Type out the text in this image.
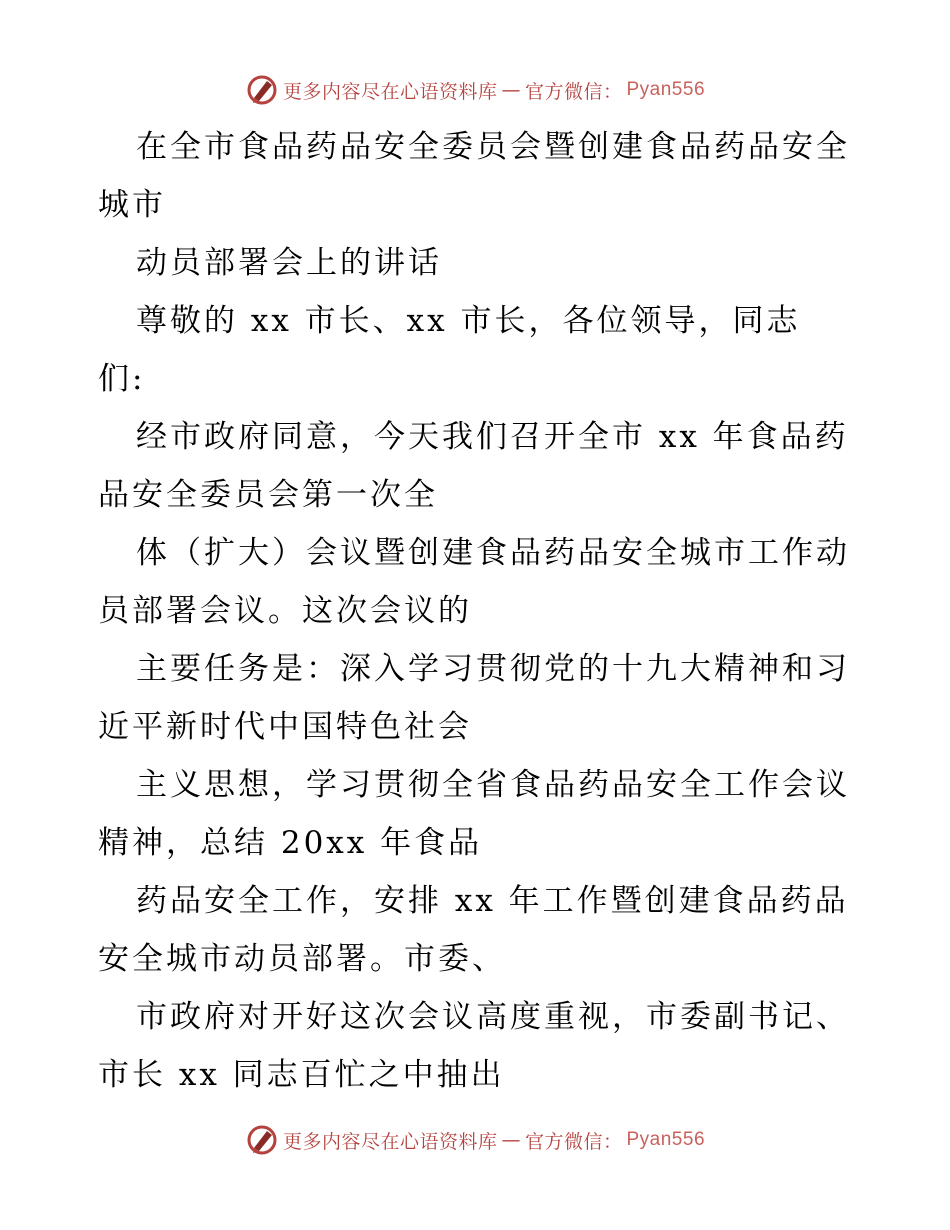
更多内容尽在心语资料库 — 官方微信： Pyan556
在全市食品药品安全委员会暨创建食品药品安全
城市
动员部署会上的讲话
尊敬的 xx 市长、xx 市长，各位领导，同志
们:
经市政府同意，今天我们召开全市 xx 年食品药
品安全委员会第一次全
体（扩大）会议暨创建食品药品安全城市工作动
员部署会议。这次会议的
主要任务是：深入学习贯彻党的十九大精神和习
近平新时代中国特色社会
主义思想，学习贯彻全省食品药品安全工作会议
精神，总结 20xx 年食品
药品安全工作，安排 xx 年工作暨创建食品药品
安全城市动员部署。市委、
市政府对开好这次会议高度重视，市委副书记、
市长 xx 同志百忙之中抽出
更多内容尽在心语资料库 — 官方微信： Pyan556
